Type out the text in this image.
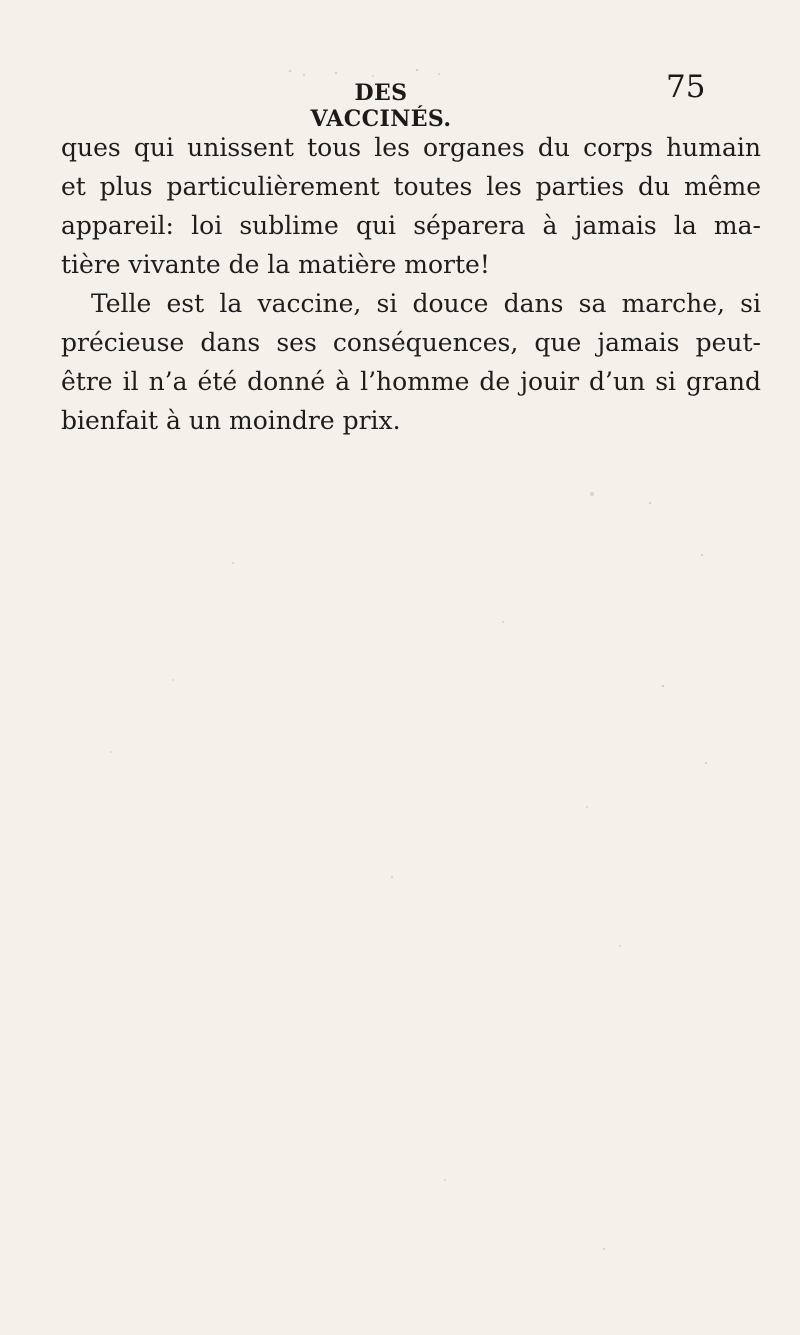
DES VACCINÉS.
75
ques qui unissent tous les organes du corps humain
et plus particulièrement toutes les parties du même
appareil: loi sublime qui séparera à jamais la ma-
tière vivante de la matière morte!
Telle est la vaccine, si douce dans sa marche, si
précieuse dans ses conséquences, que jamais peut-
être il n’a été donné à l’homme de jouir d’un si grand
bienfait à un moindre prix.
